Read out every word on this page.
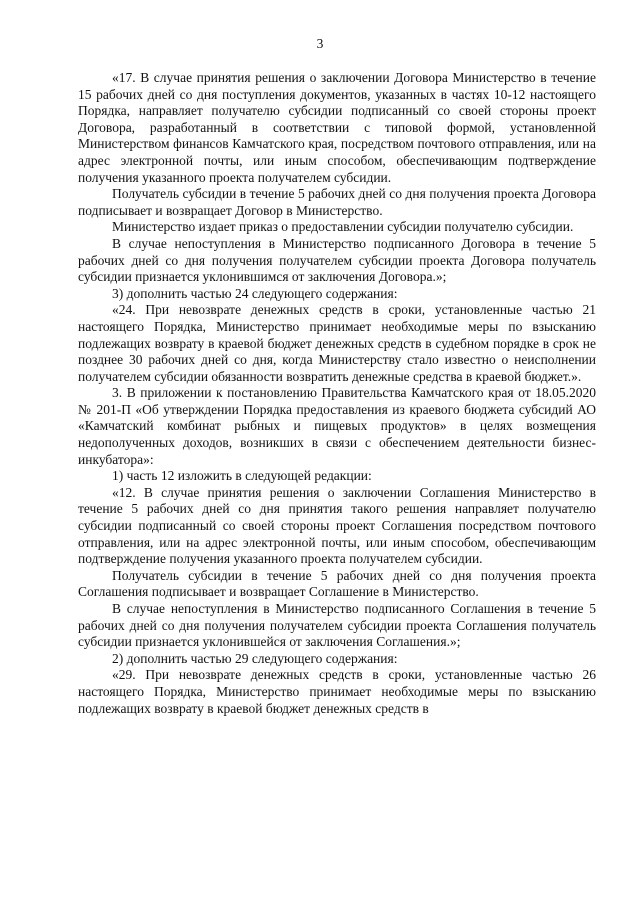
3

«17. В случае принятия решения о заключении Договора Министерство в течение 15 рабочих дней со дня поступления документов, указанных в частях 10-12 настоящего Порядка, направляет получателю субсидии подписанный со своей стороны проект Договора, разработанный в соответствии с типовой формой, установленной Министерством финансов Камчатского края, посредством почтового отправления, или на адрес электронной почты, или иным способом, обеспечивающим подтверждение получения указанного проекта получателем субсидии.

Получатель субсидии в течение 5 рабочих дней со дня получения проекта Договора подписывает и возвращает Договор в Министерство.

Министерство издает приказ о предоставлении субсидии получателю субсидии.

В случае непоступления в Министерство подписанного Договора в течение 5 рабочих дней со дня получения получателем субсидии проекта Договора получатель субсидии признается уклонившимся от заключения Договора.»;

3) дополнить частью 24 следующего содержания:

«24. При невозврате денежных средств в сроки, установленные частью 21 настоящего Порядка, Министерство принимает необходимые меры по взысканию подлежащих возврату в краевой бюджет денежных средств в судебном порядке в срок не позднее 30 рабочих дней со дня, когда Министерству стало известно о неисполнении получателем субсидии обязанности возвратить денежные средства в краевой бюджет.».

3. В приложении к постановлению Правительства Камчатского края от 18.05.2020 № 201-П «Об утверждении Порядка предоставления из краевого бюджета субсидий АО «Камчатский комбинат рыбных и пищевых продуктов» в целях возмещения недополученных доходов, возникших в связи с обеспечением деятельности бизнес-инкубатора»:

1) часть 12 изложить в следующей редакции:

«12. В случае принятия решения о заключении Соглашения Министерство в течение 5 рабочих дней со дня принятия такого решения направляет получателю субсидии подписанный со своей стороны проект Соглашения посредством почтового отправления, или на адрес электронной почты, или иным способом, обеспечивающим подтверждение получения указанного проекта получателем субсидии.

Получатель субсидии в течение 5 рабочих дней со дня получения проекта Соглашения подписывает и возвращает Соглашение в Министерство.

В случае непоступления в Министерство подписанного Соглашения в течение 5 рабочих дней со дня получения получателем субсидии проекта Соглашения получатель субсидии признается уклонившейся от заключения Соглашения.»;

2) дополнить частью 29 следующего содержания:

«29. При невозврате денежных средств в сроки, установленные частью 26 настоящего Порядка, Министерство принимает необходимые меры по взысканию подлежащих возврату в краевой бюджет денежных средств в
